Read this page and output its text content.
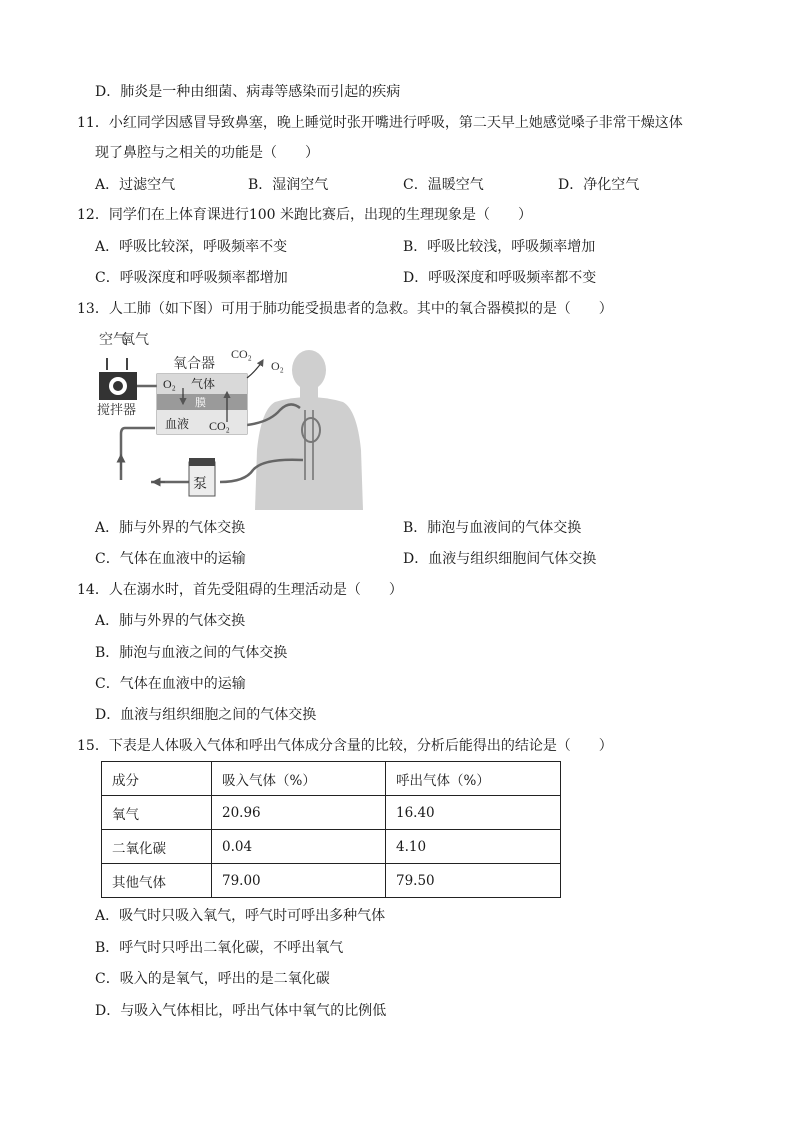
D．肺炎是一种由细菌、病毒等感染而引起的疾病
11．小红同学因感冒导致鼻塞，晚上睡觉时张开嘴进行呼吸，第二天早上她感觉嗓子非常干燥这体
现了鼻腔与之相关的功能是（　　）
A．过滤空气	B．湿润空气	C．温暖空气	D．净化空气
12．同学们在上体育课进行100 米跑比赛后，出现的生理现象是（　　）
A．呼吸比较深，呼吸频率不变	B．呼吸比较浅，呼吸频率增加
C．呼吸深度和呼吸频率都增加	D．呼吸深度和呼吸频率都不变
13．人工肺（如下图）可用于肺功能受损患者的急救。其中的氧合器模拟的是（　　）
空气
氧气
搅拌器
氧合器
CO₂
O₂
O₂ 气体
膜
血液 CO₂
泵
A．肺与外界的气体交换	B．肺泡与血液间的气体交换
C．气体在血液中的运输	D．血液与组织细胞间气体交换
14．人在溺水时，首先受阻碍的生理活动是（　　）
A．肺与外界的气体交换
B．肺泡与血液之间的气体交换
C．气体在血液中的运输
D．血液与组织细胞之间的气体交换
15．下表是人体吸入气体和呼出气体成分含量的比较，分析后能得出的结论是（　　）
成分	吸入气体（%）	呼出气体（%）
氧气	20.96	16.40
二氧化碳	0.04	4.10
其他气体	79.00	79.50
A．吸气时只吸入氧气，呼气时可呼出多种气体
B．呼气时只呼出二氧化碳，不呼出氧气
C．吸入的是氧气，呼出的是二氧化碳
D．与吸入气体相比，呼出气体中氧气的比例低
